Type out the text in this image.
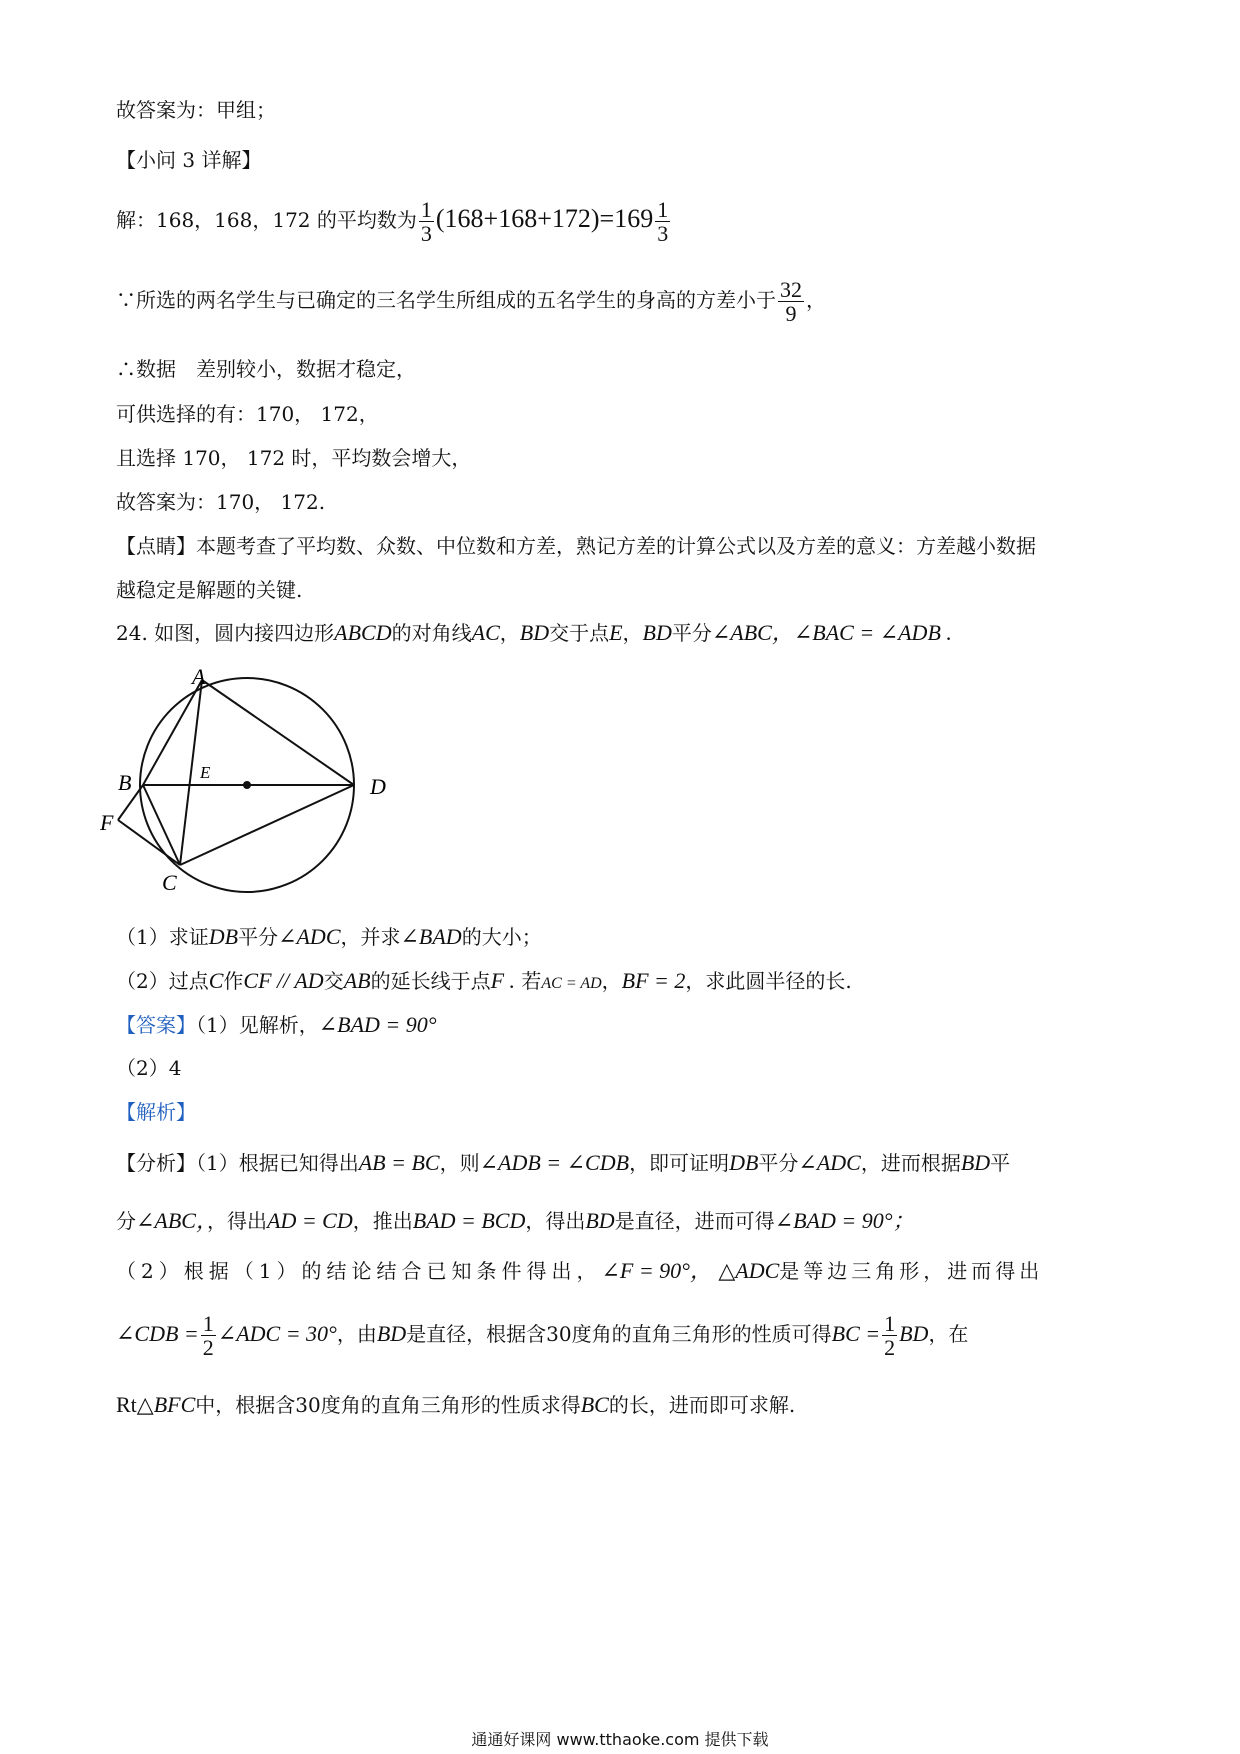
故答案为：甲组；
【小问 3 详解】
解：168，168，172 的平均数为 $\frac{1}{3} (168+168+172)=169 \frac{1}{3}$
∵所选的两名学生与已确定的三名学生所组成的五名学生的身高的方差小于 $\frac{32}{9}$ ，
∴数据　差别较小，数据才稳定，
可供选择的有：170， 172，
且选择 170， 172 时，平均数会增大，
故答案为：170， 172.
【点睛】本题考查了平均数、众数、中位数和方差，熟记方差的计算公式以及方差的意义：方差越小数据
越稳定是解题的关键.
24. 如图，圆内接四边形ABCD的对角线AC，BD交于点E，BD平分∠ABC，∠BAC = ∠ADB .
A
B	E
D
F
C
（1）求证DB平分∠ADC，并求∠BAD的大小；
（2）过点C作CF // AD交AB的延长线于点F . 若AC = AD，BF = 2，求此圆半径的长.
【答案】（1）见解析，∠BAD = 90°
（2）4
【解析】
【分析】（1）根据已知得出AB = BC，则∠ADB = ∠CDB，即可证明DB平分∠ADC，进而根据BD平
分∠ABC，，得出AD = CD，推出BAD = BCD，得出BD是直径，进而可得∠BAD = 90°；
（2）根据（1）的结论结合已知条件得出，∠F = 90°， △ADC是等边三角形，进而得出
∠CDB = $\frac{1}{2}$ ∠ADC = 30°，由BD是直径，根据含30度角的直角三角形的性质可得BC = $\frac{1}{2}$ BD，在
Rt△BFC中，根据含30度角的直角三角形的性质求得BC的长，进而即可求解.
通通好课网 www.tthaoke.com 提供下载
